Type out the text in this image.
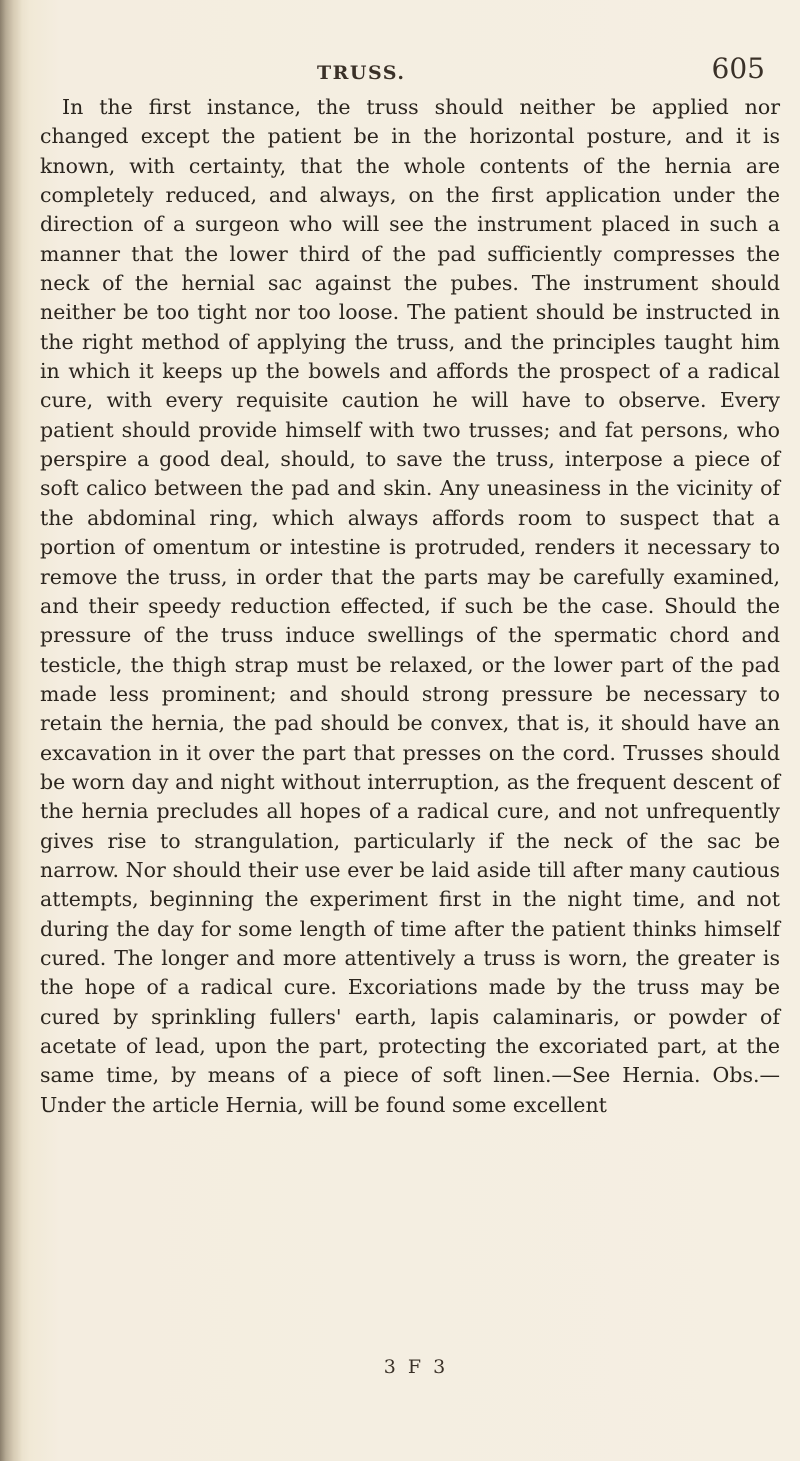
TRUSS.	605

In the first instance, the truss should neither be applied nor changed except the patient be in the horizontal posture, and it is known, with certainty, that the whole contents of the hernia are completely reduced, and always, on the first application under the direction of a surgeon who will see the instrument placed in such a manner that the lower third of the pad sufficiently compresses the neck of the hernial sac against the pubes. The instrument should neither be too tight nor too loose. The patient should be instructed in the right method of applying the truss, and the principles taught him in which it keeps up the bowels and affords the prospect of a radical cure, with every requisite caution he will have to observe. Every patient should provide himself with two trusses; and fat persons, who perspire a good deal, should, to save the truss, interpose a piece of soft calico between the pad and skin. Any uneasiness in the vicinity of the abdominal ring, which always affords room to suspect that a portion of omentum or intestine is protruded, renders it necessary to remove the truss, in order that the parts may be carefully examined, and their speedy reduction effected, if such be the case. Should the pressure of the truss induce swellings of the spermatic chord and testicle, the thigh strap must be relaxed, or the lower part of the pad made less prominent; and should strong pressure be necessary to retain the hernia, the pad should be convex, that is, it should have an excavation in it over the part that presses on the cord. Trusses should be worn day and night without interruption, as the frequent descent of the hernia precludes all hopes of a radical cure, and not unfrequently gives rise to strangulation, particularly if the neck of the sac be narrow. Nor should their use ever be laid aside till after many cautious attempts, beginning the experiment first in the night time, and not during the day for some length of time after the patient thinks himself cured. The longer and more attentively a truss is worn, the greater is the hope of a radical cure. Excoriations made by the truss may be cured by sprinkling fullers' earth, lapis calaminaris, or powder of acetate of lead, upon the part, protecting the excoriated part, at the same time, by means of a piece of soft linen.—See Hernia. Obs.—Under the article Hernia, will be found some excellent

3 F 3
